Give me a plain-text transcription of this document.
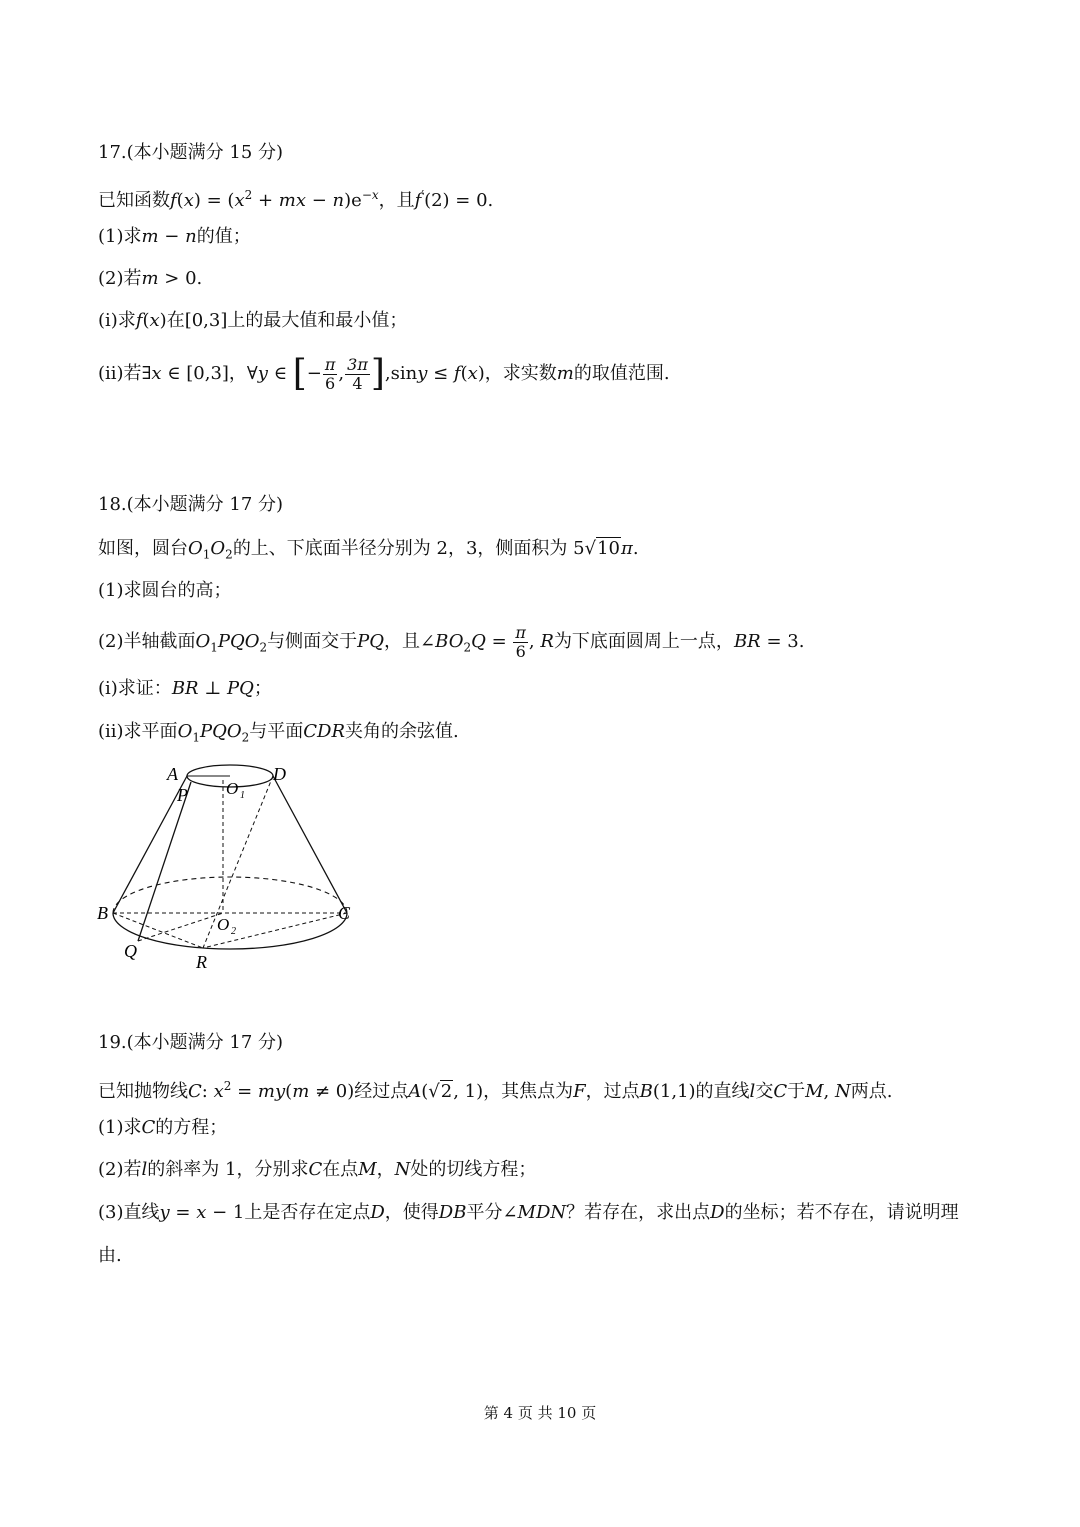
17.(本小题满分 15 分)
已知函数$f(x) = (x^2$ + mx − $n)e^{-x}$，且f′(2) = 0.
(1)求m − n的值；
(2)若m > 0.
(i)求f(x)在[0,3]上的最大值和最小值；
(ii)若∃x ∈ [0,3]，∀y ∈ [− $\frac{\pi}{6}$ , $\frac{3\pi}{4} ],\sin y \le f(x)$，求实数m的取值范围.
18.(本小题满分 17 分)
如图，圆台$O_1O_2$的上、下底面半径分别为 2，3，侧面积为 5√10π.
(1)求圆台的高；
(2)半轴截面$O_1PQO_2$与侧面交于PQ，且$\angle BO_2Q = \frac{\pi}{6}$ , R为下底面圆周上一点，BR = 3.
(i)求证：BR ⊥ PQ；
(ii)求平面$O_1PQO_2$与平面CDR夹角的余弦值.
A
P O 1
D
B	C
O 2
Q
R
19.(本小题满分 17 分)
已知抛物线C: $x^2 = my(m \ne 0)$经过点A(√2, 1)，其焦点为F，过点B(1,1)的直线l交C于M, N两点.
(1)求C的方程；
(2)若l的斜率为 1，分别求C在点M，N处的切线方程；
(3)直线y = x − 1上是否存在定点D，使得DB平分∠MDN？若存在，求出点D的坐标；若不存在，请说明理
由.
第 4 页 共 10 页
